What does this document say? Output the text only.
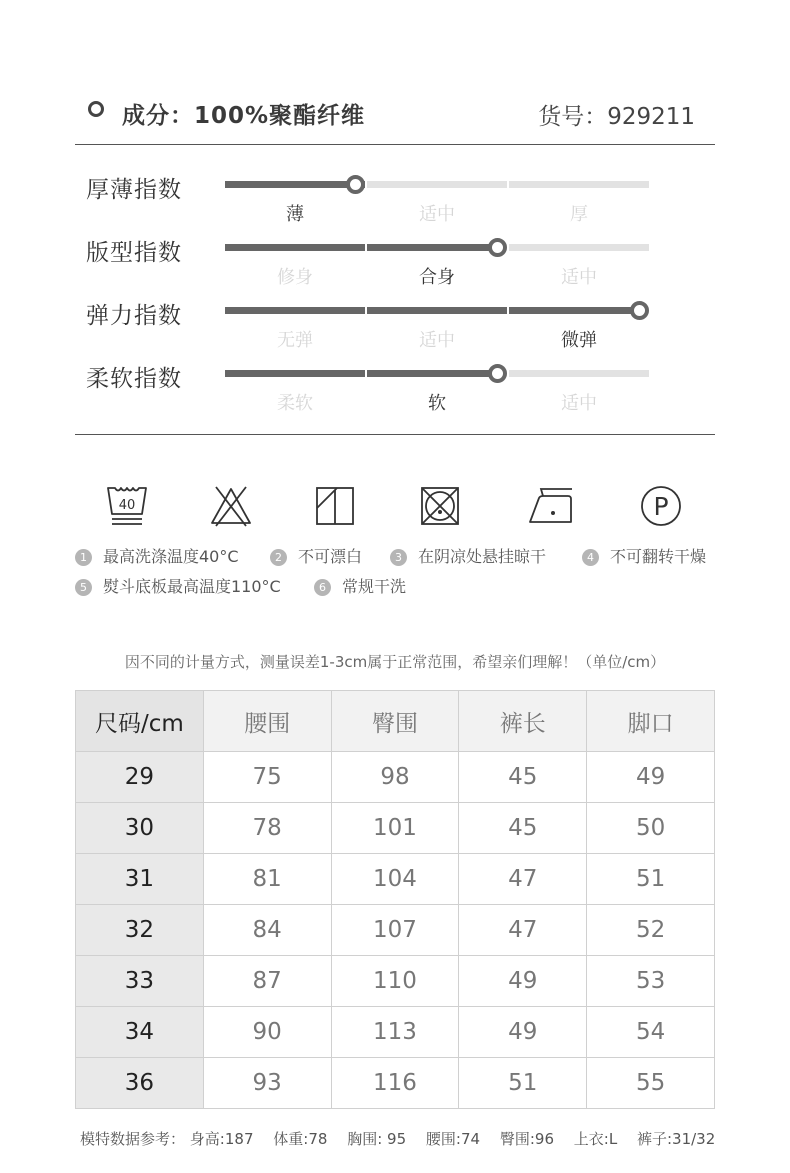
成分：100%聚酯纤维	货号：929211
厚薄指数
薄	适中	厚
版型指数
修身	合身	适中
弹力指数
无弹	适中	微弹
柔软指数
柔软	软	适中
40	P
1 最高洗涤温度40°C	2 不可漂白	3 在阴凉处悬挂晾干	4 不可翻转干燥
5 熨斗底板最高温度110°C	6 常规干洗
因不同的计量方式，测量误差1-3cm属于正常范围，希望亲们理解！（单位/cm）
尺码/cm	腰围	臀围	裤长	脚口
29	75	98	45	49
30	78	101	45	50
31	81	104	47	51
32	84	107	47	52
33	87	110	49	53
34	90	113	49	54
36	93	116	51	55
模特数据参考： 身高:187 体重:78 胸围: 95 腰围:74 臀围:96 上衣:L 裤子:31/32
